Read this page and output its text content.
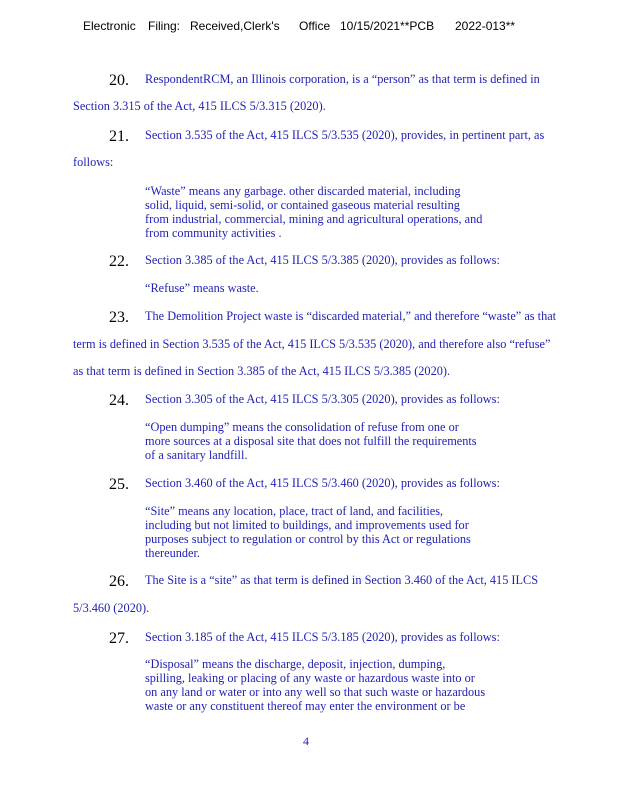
Electronic Filing: Received,Clerk's Office 10/15/2021**PCB 2022-013**
20. RespondentRCM, an Illinois corporation, is a “person” as that term is defined in
Section 3.315 of the Act, 415 ILCS 5/3.315 (2020).
21. Section 3.535 of the Act, 415 ILCS 5/3.535 (2020), provides, in pertinent part, as
follows:
“Waste” means any garbage. other discarded material, including
solid, liquid, semi-solid, or contained gaseous material resulting
from industrial, commercial, mining and agricultural operations, and
from community activities .
22. Section 3.385 of the Act, 415 ILCS 5/3.385 (2020), provides as follows:
“Refuse” means waste.
23. The Demolition Project waste is “discarded material,” and therefore “waste” as that
term is defined in Section 3.535 of the Act, 415 ILCS 5/3.535 (2020), and therefore also “refuse”
as that term is defined in Section 3.385 of the Act, 415 ILCS 5/3.385 (2020).
24. Section 3.305 of the Act, 415 ILCS 5/3.305 (2020), provides as follows:
“Open dumping” means the consolidation of refuse from one or
more sources at a disposal site that does not fulfill the requirements
of a sanitary landfill.
25. Section 3.460 of the Act, 415 ILCS 5/3.460 (2020), provides as follows:
“Site” means any location, place, tract of land, and facilities,
including but not limited to buildings, and improvements used for
purposes subject to regulation or control by this Act or regulations
thereunder.
26. The Site is a “site” as that term is defined in Section 3.460 of the Act, 415 ILCS
5/3.460 (2020).
27. Section 3.185 of the Act, 415 ILCS 5/3.185 (2020), provides as follows:
“Disposal” means the discharge, deposit, injection, dumping,
spilling, leaking or placing of any waste or hazardous waste into or
on any land or water or into any well so that such waste or hazardous
waste or any constituent thereof may enter the environment or be
4
